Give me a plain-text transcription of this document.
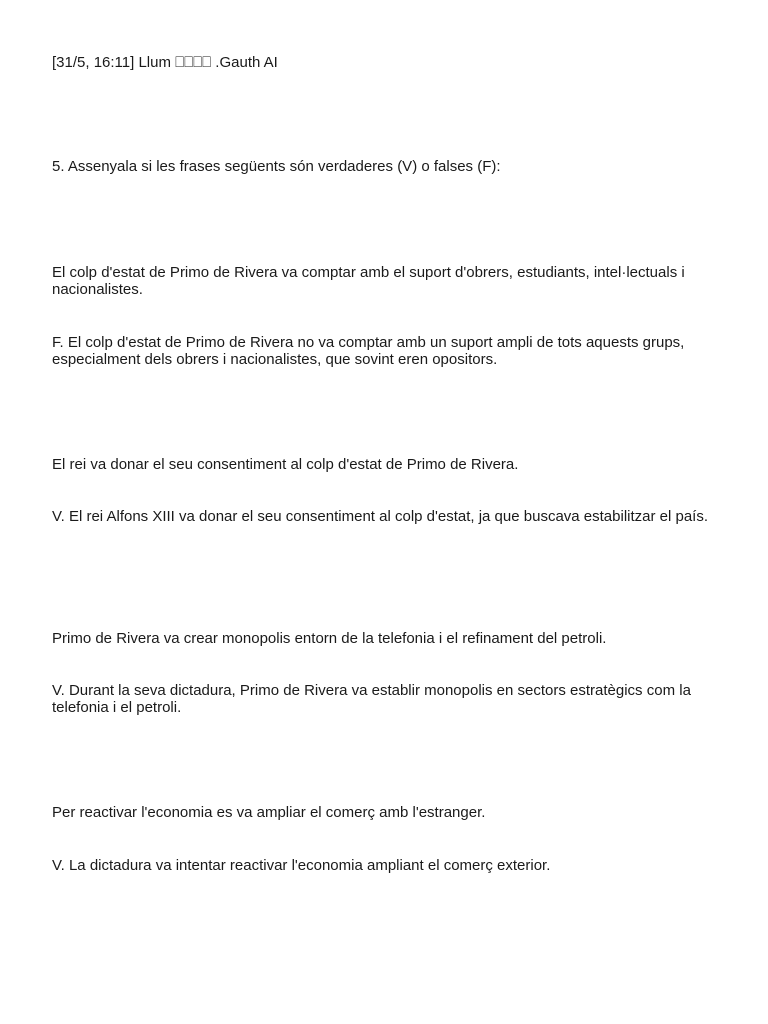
[31/5, 16:11] Llum ⎕⎕⎕⎕ .Gauth AI

5. Assenyala si les frases següents són verdaderes (V) o falses (F):

El colp d'estat de Primo de Rivera va comptar amb el suport d'obrers, estudiants, intel·lectuals i nacionalistes.

F. El colp d'estat de Primo de Rivera no va comptar amb un suport ampli de tots aquests grups, especialment dels obrers i nacionalistes, que sovint eren opositors.

El rei va donar el seu consentiment al colp d'estat de Primo de Rivera.

V. El rei Alfons XIII va donar el seu consentiment al colp d'estat, ja que buscava estabilitzar el país.

Primo de Rivera va crear monopolis entorn de la telefonia i el refinament del petroli.

V. Durant la seva dictadura, Primo de Rivera va establir monopolis en sectors estratègics com la telefonia i el petroli.

Per reactivar l'economia es va ampliar el comerç amb l'estranger.

V. La dictadura va intentar reactivar l'economia ampliant el comerç exterior.
